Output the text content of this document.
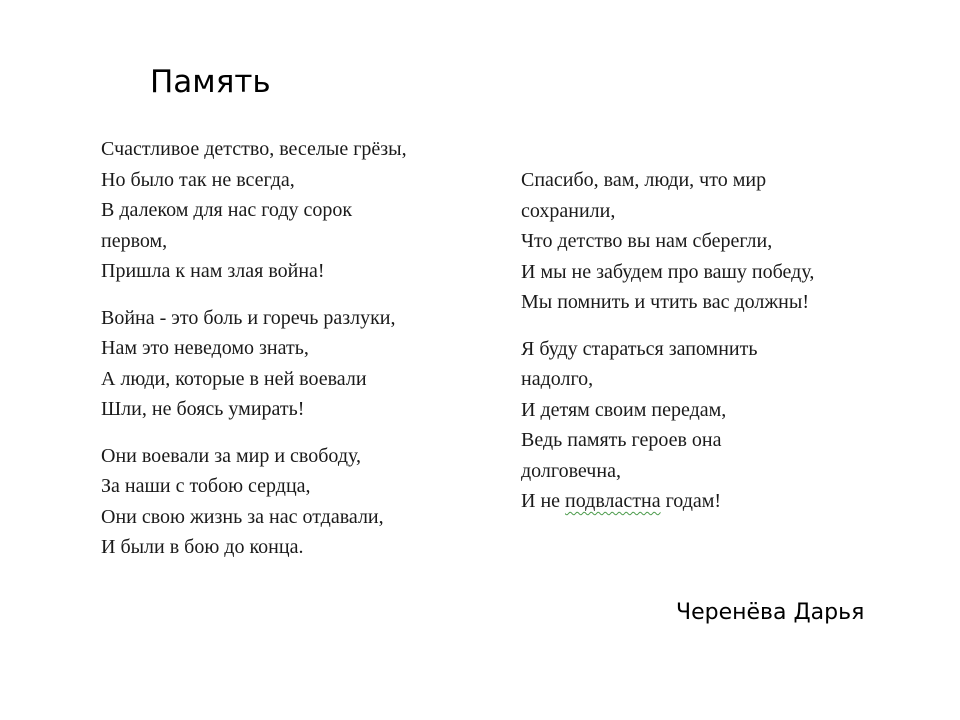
Память
Счастливое детство, веселые грёзы,
Но было так не всегда,
В далеком для нас году сорок
первом,
Пришла к нам злая война!
Война - это боль и горечь разлуки,
Нам это неведомо знать,
А люди, которые в ней воевали
Шли, не боясь умирать!
Они воевали за мир и свободу,
За наши с тобою сердца,
Они свою жизнь за нас отдавали,
И были в бою до конца.
Спасибо, вам, люди, что мир
сохранили,
Что детство вы нам сберегли,
И мы не забудем про вашу победу,
Мы помнить и чтить вас должны!
Я буду стараться запомнить
надолго,
И детям своим передам,
Ведь память героев она
долговечна,
И не подвластна годам!
Черенёва Дарья
